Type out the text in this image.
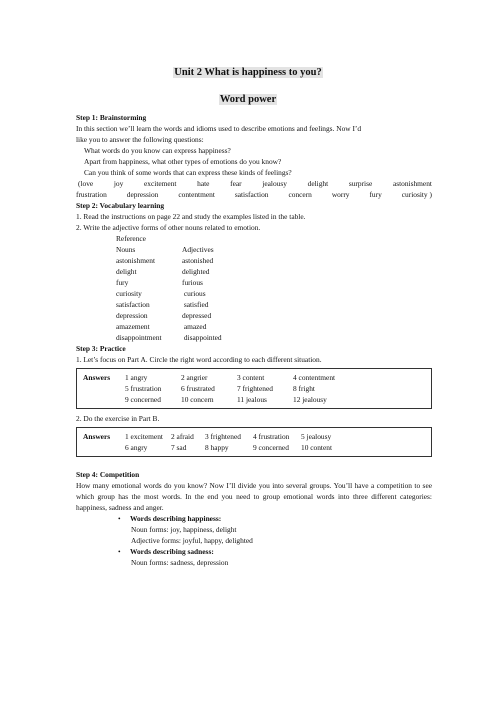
Unit 2 What is happiness to you?
Word power
Step 1: Brainstorming
In this section we’ll learn the words and idioms used to describe emotions and feelings. Now I’d
like you to answer the following questions:
What words do you know can express happiness?
Apart from happiness, what other types of emotions do you know?
Can you think of some words that can express these kinds of feelings?
(love	joy	excitement	hate	fear	jealousy	delight	surprise	astonishment
frustration	depression	contentment	satisfaction	concern	worry	fury	curiosity )
Step 2: Vocabulary learning
1. Read the instructions on page 22 and study the examples listed in the table.
2. Write the adjective forms of other nouns related to emotion.
Reference
Nouns	Adjectives
astonishment	astonished
delight	delighted
fury	furious
curiosity	curious
satisfaction	satisfied
depression	depressed
amazement	amazed
disappointment	disappointed
Step 3: Practice
1. Let’s focus on Part A. Circle the right word according to each different situation.
Answers	1 angry	2 angrier	3 content	4 contentment
5 frustration	6 frustrated	7 frightened	8 fright
9 concerned	10 concern	11 jealous	12 jealousy
2. Do the exercise in Part B.
Answers	1 excitement	2 afraid	3 frightened	4 frustration	5 jealousy
6 angry	7 sad	8 happy	9 concerned	10 content
Step 4: Competition
How many emotional words do you know? Now I’ll divide you into several groups. You’ll have a competition to see which group has the most words. In the end you need to group emotional words into three different categories: happiness, sadness and anger.
•	Words describing happiness:
Noun forms: joy, happiness, delight
Adjective forms: joyful, happy, delighted
•	Words describing sadness:
Noun forms: sadness, depression
